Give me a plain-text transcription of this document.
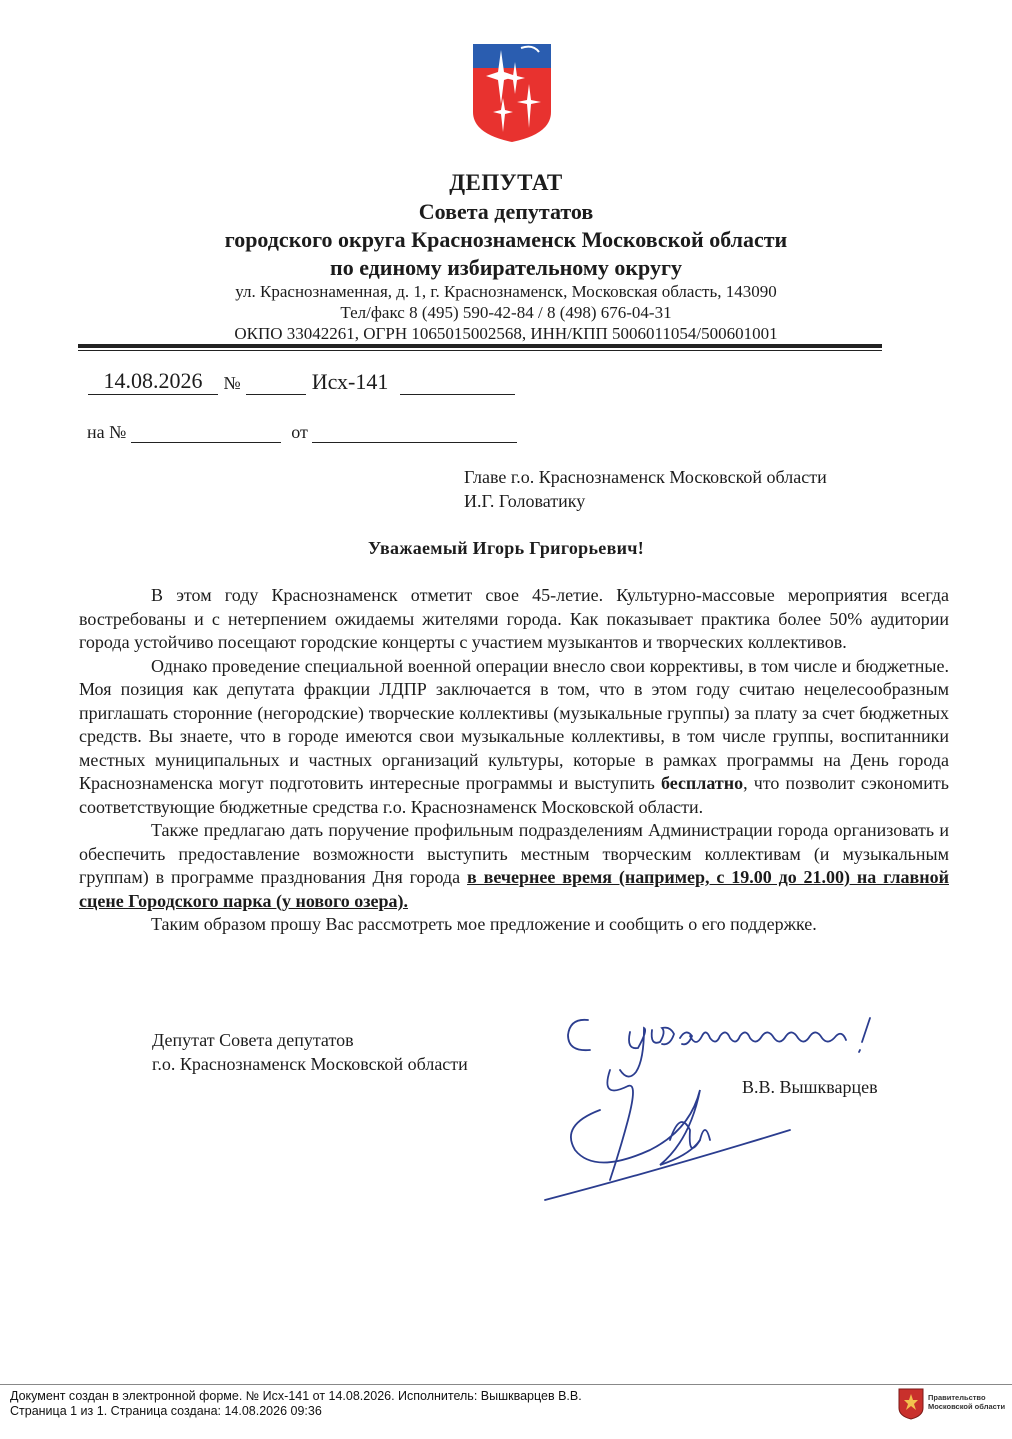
ДЕПУТАТ
Совета депутатов
городского округа Краснознаменск Московской области
по единому избирательному округу
ул. Краснознаменная, д. 1, г. Краснознаменск, Московская область, 143090
Тел/факс 8 (495) 590-42-84 / 8 (498) 676-04-31
ОКПО 33042261, ОГРН 1065015002568, ИНН/КПП 5006011054/500601001
14.08.2026 №	Исх-141
на №	от
Главе г.о. Краснознаменск Московской области
И.Г. Головатику
Уважаемый Игорь Григорьевич!

В этом году Краснознаменск отметит свое 45-летие. Культурно-массовые мероприятия всегда востребованы и с нетерпением ожидаемы жителями города. Как показывает практика более 50% аудитории города устойчиво посещают городские концерты с участием музыкантов и творческих коллективов.

Однако проведение специальной военной операции внесло свои коррективы, в том числе и бюджетные. Моя позиция как депутата фракции ЛДПР заключается в том, что в этом году считаю нецелесообразным приглашать сторонние (негородские) творческие коллективы (музыкальные группы) за плату за счет бюджетных средств. Вы знаете, что в городе имеются свои музыкальные коллективы, в том числе группы, воспитанники местных муниципальных и частных организаций культуры, которые в рамках программы на День города Краснознаменска могут подготовить интересные программы и выступить бесплатно, что позволит сэкономить соответствующие бюджетные средства г.о. Краснознаменск Московской области.

Также предлагаю дать поручение профильным подразделениям Администрации города организовать и обеспечить предоставление возможности выступить местным творческим коллективам (и музыкальным группам) в программе празднования Дня города в вечернее время (например, с 19.00 до 21.00) на главной сцене Городского парка (у нового озера).

Таким образом прошу Вас рассмотреть мое предложение и сообщить о его поддержке.

Депутат Совета депутатов
г.о. Краснознаменск Московской области
В.В. Вышкварцев
Документ создан в электронной форме. № Исх-141 от 14.08.2026. Исполнитель: Вышкварцев В.В.
Страница 1 из 1. Страница создана: 14.08.2026 09:36
Правительство
Московской области
